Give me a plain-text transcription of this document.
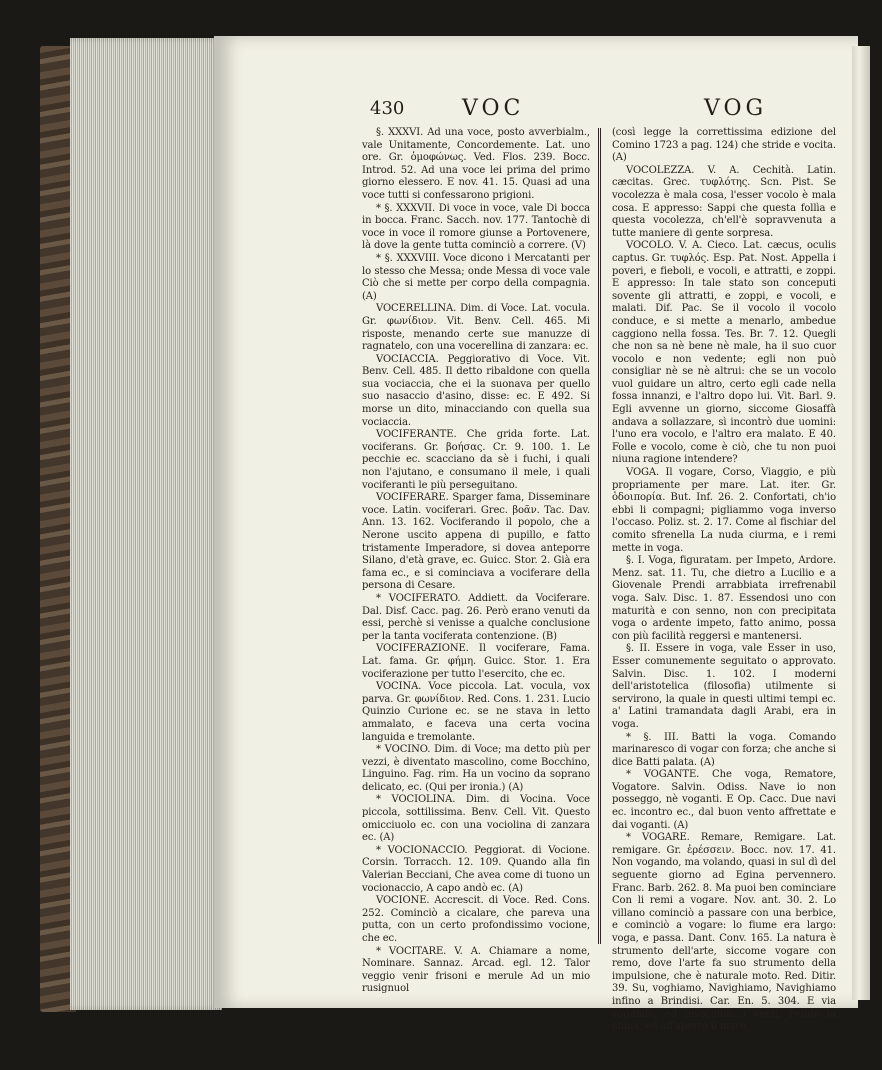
430	VOC	VOG

§. XXXVI. Ad una voce, posto avverbialm., vale Unitamente, Concordemente. Lat. uno ore. Gr. ὁμοφώνως. Ved. Flos. 239. Bocc. Introd. 52. Ad una voce lei prima del primo giorno elessero. E nov. 41. 15. Quasi ad una voce tutti si confessarono prigioni.

* §. XXXVII. Di voce in voce, vale Di bocca in bocca. Franc. Sacch. nov. 177. Tantochè di voce in voce il romore giunse a Portovenere, là dove la gente tutta cominciò a correre. (V)

* §. XXXVIII. Voce dicono i Mercatanti per lo stesso che Messa; onde Messa di voce vale Ciò che si mette per corpo della compagnia. (A)

VOCERELLINA. Dim. di Voce. Lat. vocula. Gr. φωνίδιον. Vit. Benv. Cell. 465. Mi risposte, menando certe sue manuzze di ragnatelo, con una vocerellina di zanzara: ec.

VOCIACCIA. Peggiorativo di Voce. Vit. Benv. Cell. 485. Il detto ribaldone con quella sua vociaccia, che ei la suonava per quello suo nasaccio d'asino, disse: ec. E 492. Si morse un dito, minacciando con quella sua vociaccia.

VOCIFERANTE. Che grida forte. Lat. vociferans. Gr. βοήσας. Cr. 9. 100. 1. Le pecchie ec. scacciano da sè i fuchi, i quali non l'ajutano, e consumano il mele, i quali vociferanti le più perseguitano.

VOCIFERARE. Sparger fama, Disseminare voce. Latin. vociferari. Grec. βοᾶν. Tac. Dav. Ann. 13. 162. Vociferando il popolo, che a Nerone uscito appena di pupillo, e fatto tristamente Imperadore, si dovea anteporre Silano, d'età grave, ec. Guicc. Stor. 2. Già era fama ec., e si cominciava a vociferare della persona di Cesare.

* VOCIFERATO. Addiett. da Vociferare. Dal. Disf. Cacc. pag. 26. Però erano venuti da essi, perchè si venisse a qualche conclusione per la tanta vociferata contenzione. (B)

VOCIFERAZIONE. Il vociferare, Fama. Lat. fama. Gr. φήμη. Guicc. Stor. 1. Era vociferazione per tutto l'esercito, che ec.

VOCINA. Voce piccola. Lat. vocula, vox parva. Gr. φωνίδιον. Red. Cons. 1. 231. Lucio Quinzio Curione ec. se ne stava in letto ammalato, e faceva una certa vocina languida e tremolante.

* VOCINO. Dim. di Voce; ma detto più per vezzi, è diventato mascolino, come Bocchino, Linguino. Fag. rim. Ha un vocino da soprano delicato, ec. (Qui per ironia.) (A)

* VOCIOLINA. Dim. di Vocina. Voce piccola, sottilissima. Benv. Cell. Vit. Questo omicciuolo ec. con una vociolina di zanzara ec. (A)

* VOCIONACCIO. Peggiorat. di Vocione. Corsin. Torracch. 12. 109. Quando alla fin Valerian Becciani, Che avea come di tuono un vocionaccio, A capo andò ec. (A)

VOCIONE. Accrescit. di Voce. Red. Cons. 252. Cominciò a cicalare, che pareva una putta, con un certo profondissimo vocione, che ec.

* VOCITARE. V. A. Chiamare a nome, Nominare. Sannaz. Arcad. egl. 12. Talor veggio venir frisoni e merule Ad un mio rusignuol

(così legge la correttissima edizione del Comino 1723 a pag. 124) che stride e vocita. (A)

VOCOLEZZA. V. A. Cechità. Latin. cæcitas. Grec. τυφλότης. Scn. Pist. Se vocolezza è mala cosa, l'esser vocolo è mala cosa. E appresso: Sappi che questa follìa e questa vocolezza, ch'ell'è sopravvenuta a tutte maniere di gente sorpresa.

VOCOLO. V. A. Cieco. Lat. cæcus, oculis captus. Gr. τυφλός. Esp. Pat. Nost. Appella i poveri, e fieboli, e vocoli, e attratti, e zoppi. E appresso: In tale stato son conceputi sovente gli attratti, e zoppi, e vocoli, e malati. Dif. Pac. Se il vocolo il vocolo conduce, e si mette a menarlo, ambedue caggiono nella fossa. Tes. Br. 7. 12. Quegli che non sa nè bene nè male, ha il suo cuor vocolo e non vedente; egli non può consigliar nè se nè altrui: che se un vocolo vuol guidare un altro, certo egli cade nella fossa innanzi, e l'altro dopo lui. Vit. Barl. 9. Egli avvenne un giorno, siccome Giosaffà andava a sollazzare, sì incontrò due uomini: l'uno era vocolo, e l'altro era malato. E 40. Folle e vocolo, come è ciò, che tu non puoi niuna ragione intendere?

VOGA. Il vogare, Corso, Viaggio, e più propriamente per mare. Lat. iter. Gr. ὁδοιπορία. But. Inf. 26. 2. Confortati, ch'io ebbi li compagni; pigliammo voga inverso l'occaso. Poliz. st. 2. 17. Come al fischiar del comito sfrenella La nuda ciurma, e i remi mette in voga.

§. I. Voga, figuratam. per Impeto, Ardore. Menz. sat. 11. Tu, che dietro a Lucilio e a Giovenale Prendi arrabbiata irrefrenabil voga. Salv. Disc. 1. 87. Essendosi uno con maturità e con senno, non con precipitata voga o ardente impeto, fatto animo, possa con più facilità reggersi e mantenersi.

§. II. Essere in voga, vale Esser in uso, Esser comunemente seguitato o approvato. Salvin. Disc. 1. 102. I moderni dell'aristotelica (filosofia) utilmente si servirono, la quale in questi ultimi tempi ec. a' Latini tramandata dagli Arabi, era in voga.

* §. III. Batti la voga. Comando marinaresco di vogar con forza; che anche si dice Batti palata. (A)

* VOGANTE. Che voga, Rematore, Vogatore. Salvin. Odiss. Nave io non posseggo, nè voganti. E Op. Cacc. Due navi ec. incontro ec., dal buon vento affrettate e dai voganti. (A)

* VOGARE. Remare, Remigare. Lat. remigare. Gr. ἐρέσσειν. Bocc. nov. 17. 41. Non vogando, ma volando, quasi in sul dì del seguente giorno ad Egina pervennero. Franc. Barb. 262. 8. Ma puoi ben cominciare Con li remi a vogare. Nov. ant. 30. 2. Lo villano cominciò a passare con una berbice, e cominciò a vogare: lo fiume era largo: voga, e passa. Dant. Conv. 165. La natura è strumento dell'arte, siccome vogare con remo, dove l'arte fa suo strumento della impulsione, che è naturale moto. Red. Ditir. 39. Su, voghiamo, Navighiamo, Navighiamo infino a Brindisi. Car. En. 5. 304. E via vogando, ed invocando i venti, Fende la china, ed all'aperto il mare.
